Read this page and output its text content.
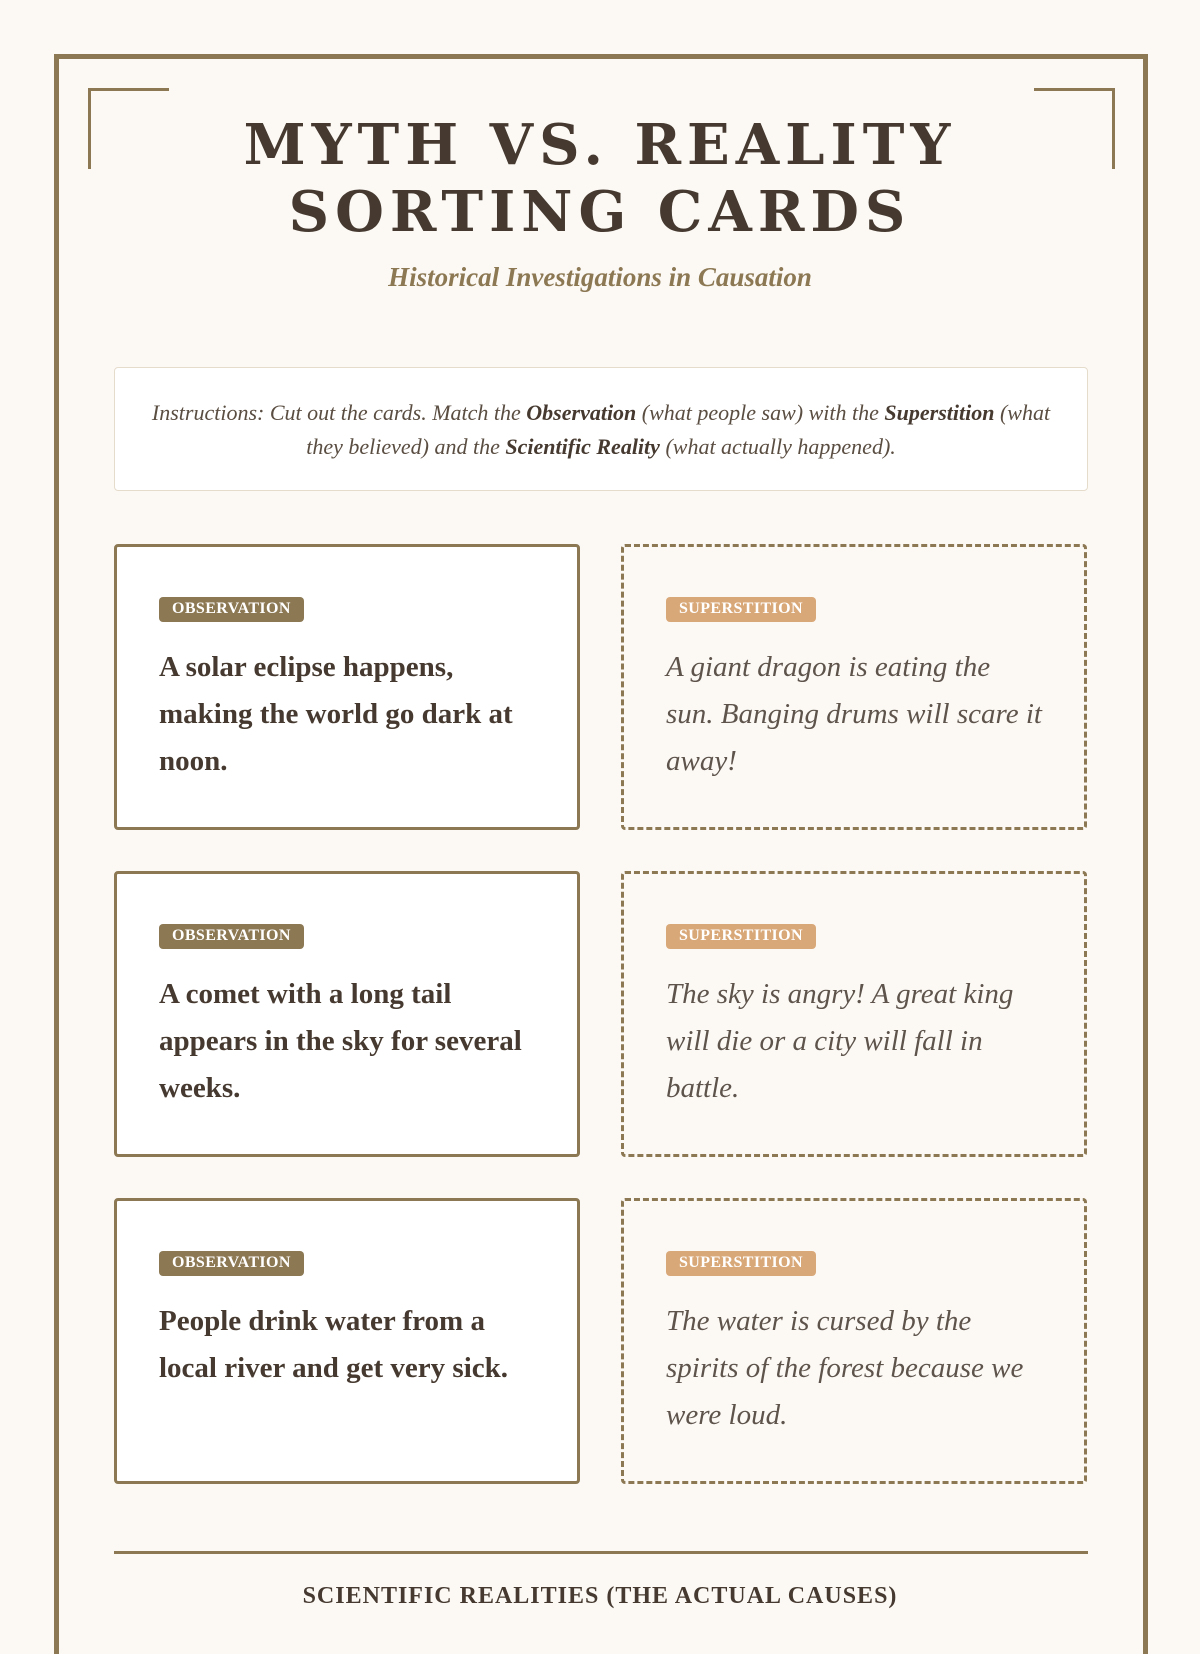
MYTH VS. REALITY
SORTING CARDS

Historical Investigations in Causation

Instructions: Cut out the cards. Match the Observation (what people saw) with the Superstition (what they believed) and the Scientific Reality (what actually happened).
OBSERVATION
A solar eclipse happens, making the world go dark at noon.
SUPERSTITION
A giant dragon is eating the sun. Banging drums will scare it away!
OBSERVATION
A comet with a long tail appears in the sky for several weeks.
SUPERSTITION
The sky is angry! A great king will die or a city will fall in battle.
OBSERVATION
People drink water from a local river and get very sick.
SUPERSTITION
The water is cursed by the spirits of the forest because we were loud.
SCIENTIFIC REALITIES (THE ACTUAL CAUSES)
